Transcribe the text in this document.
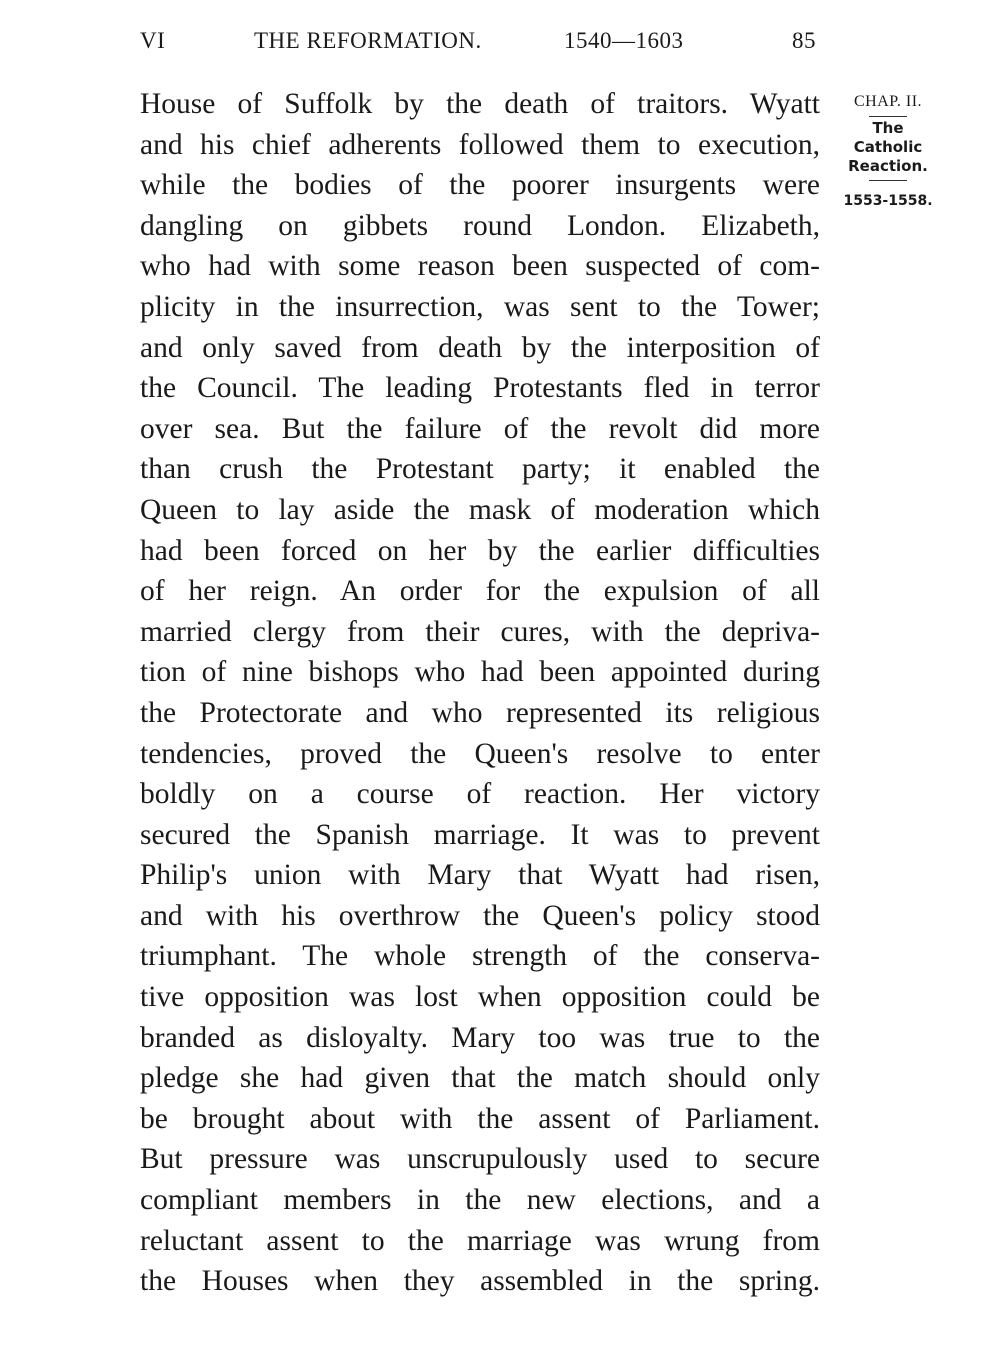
VI	THE REFORMATION.	1540—1603	85
House of Suffolk by the death of traitors. Wyatt
and his chief adherents followed them to execution,
while the bodies of the poorer insurgents were
dangling on gibbets round London. Elizabeth,
who had with some reason been suspected of com-
plicity in the insurrection, was sent to the Tower;
and only saved from death by the interposition of
the Council. The leading Protestants fled in terror
over sea. But the failure of the revolt did more
than crush the Protestant party; it enabled the
Queen to lay aside the mask of moderation which
had been forced on her by the earlier difficulties
of her reign. An order for the expulsion of all
married clergy from their cures, with the depriva-
tion of nine bishops who had been appointed during
the Protectorate and who represented its religious
tendencies, proved the Queen's resolve to enter
boldly on a course of reaction. Her victory
secured the Spanish marriage. It was to prevent
Philip's union with Mary that Wyatt had risen,
and with his overthrow the Queen's policy stood
triumphant. The whole strength of the conserva-
tive opposition was lost when opposition could be
branded as disloyalty. Mary too was true to the
pledge she had given that the match should only
be brought about with the assent of Parliament.
But pressure was unscrupulously used to secure
compliant members in the new elections, and a
reluctant assent to the marriage was wrung from
the Houses when they assembled in the spring.
CHAP. II.
The
Catholic
Reaction.
1553-1558.
